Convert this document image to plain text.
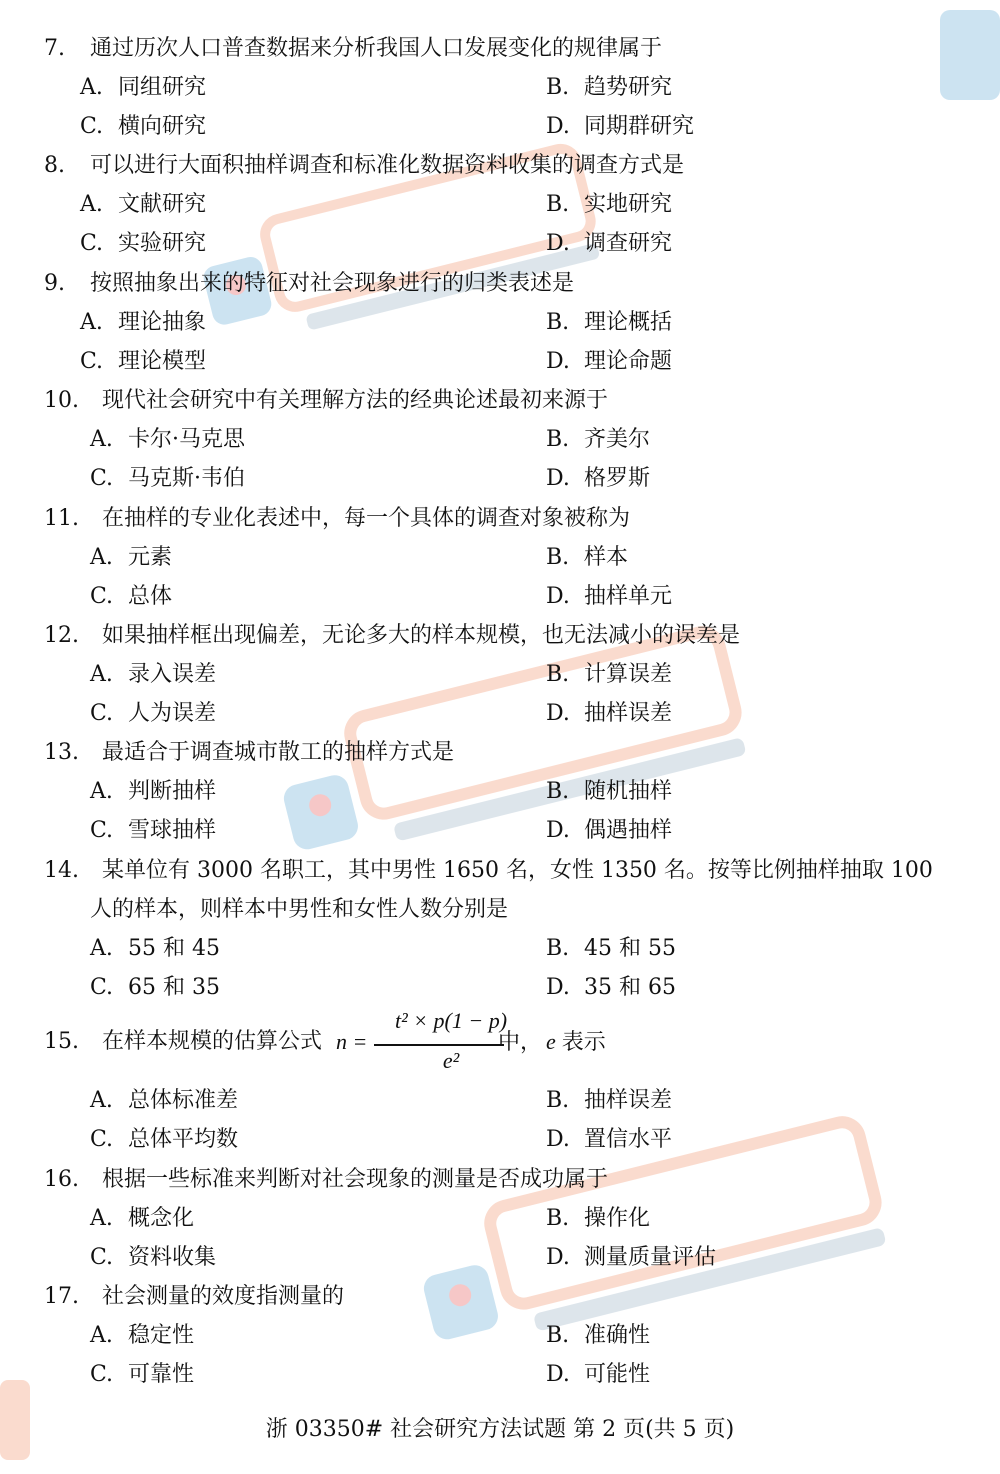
7. 通过历次人口普查数据来分析我国人口发展变化的规律属于
A. 同组研究	B. 趋势研究
C. 横向研究	D. 同期群研究
8. 可以进行大面积抽样调查和标准化数据资料收集的调查方式是
A. 文献研究	B. 实地研究
C. 实验研究	D. 调查研究
9. 按照抽象出来的特征对社会现象进行的归类表述是
A. 理论抽象	B. 理论概括
C. 理论模型	D. 理论命题
10. 现代社会研究中有关理解方法的经典论述最初来源于
A. 卡尔·马克思	B. 齐美尔
C. 马克斯·韦伯	D. 格罗斯
11. 在抽样的专业化表述中，每一个具体的调查对象被称为
A. 元素	B. 样本
C. 总体	D. 抽样单元
12. 如果抽样框出现偏差，无论多大的样本规模，也无法减小的误差是
A. 录入误差	B. 计算误差
C. 人为误差	D. 抽样误差
13. 最适合于调查城市散工的抽样方式是
A. 判断抽样	B. 随机抽样
C. 雪球抽样	D. 偶遇抽样
14. 某单位有 3000 名职工，其中男性 1650 名，女性 1350 名。按等比例抽样抽取 100
人的样本，则样本中男性和女性人数分别是
A. 55 和 45	B. 45 和 55
C. 65 和 35	D. 35 和 65
15. 在样本规模的估算公式 n =
t² × p(1 − p)
e²
中， e 表示
A. 总体标准差	B. 抽样误差
C. 总体平均数	D. 置信水平
16. 根据一些标准来判断对社会现象的测量是否成功属于
A. 概念化	B. 操作化
C. 资料收集	D. 测量质量评估
17. 社会测量的效度指测量的
A. 稳定性	B. 准确性
C. 可靠性	D. 可能性
浙 03350# 社会研究方法试题 第 2 页(共 5 页)
